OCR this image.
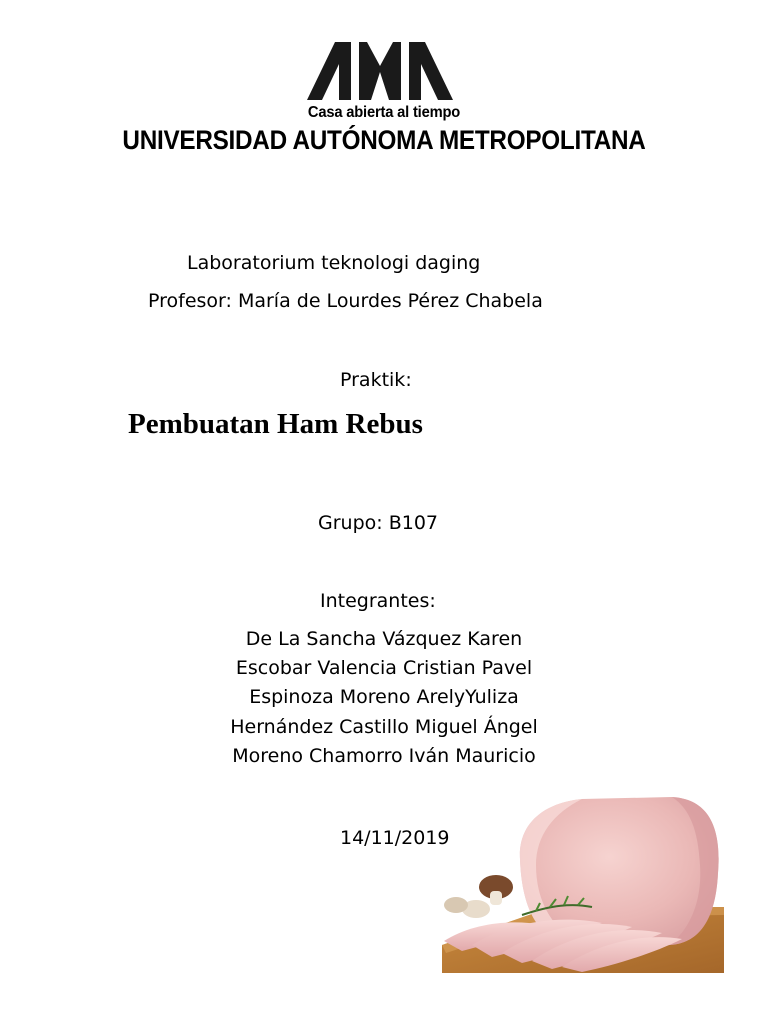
Casa abierta al tiempo
UNIVERSIDAD AUTÓNOMA METROPOLITANA
Laboratorium teknologi daging
Profesor: María de Lourdes Pérez Chabela
Praktik:
Pembuatan Ham Rebus
Grupo: B107
Integrantes:
De La Sancha Vázquez Karen
Escobar Valencia Cristian Pavel
Espinoza Moreno ArelyYuliza
Hernández Castillo Miguel Ángel
Moreno Chamorro Iván Mauricio
14/11/2019
